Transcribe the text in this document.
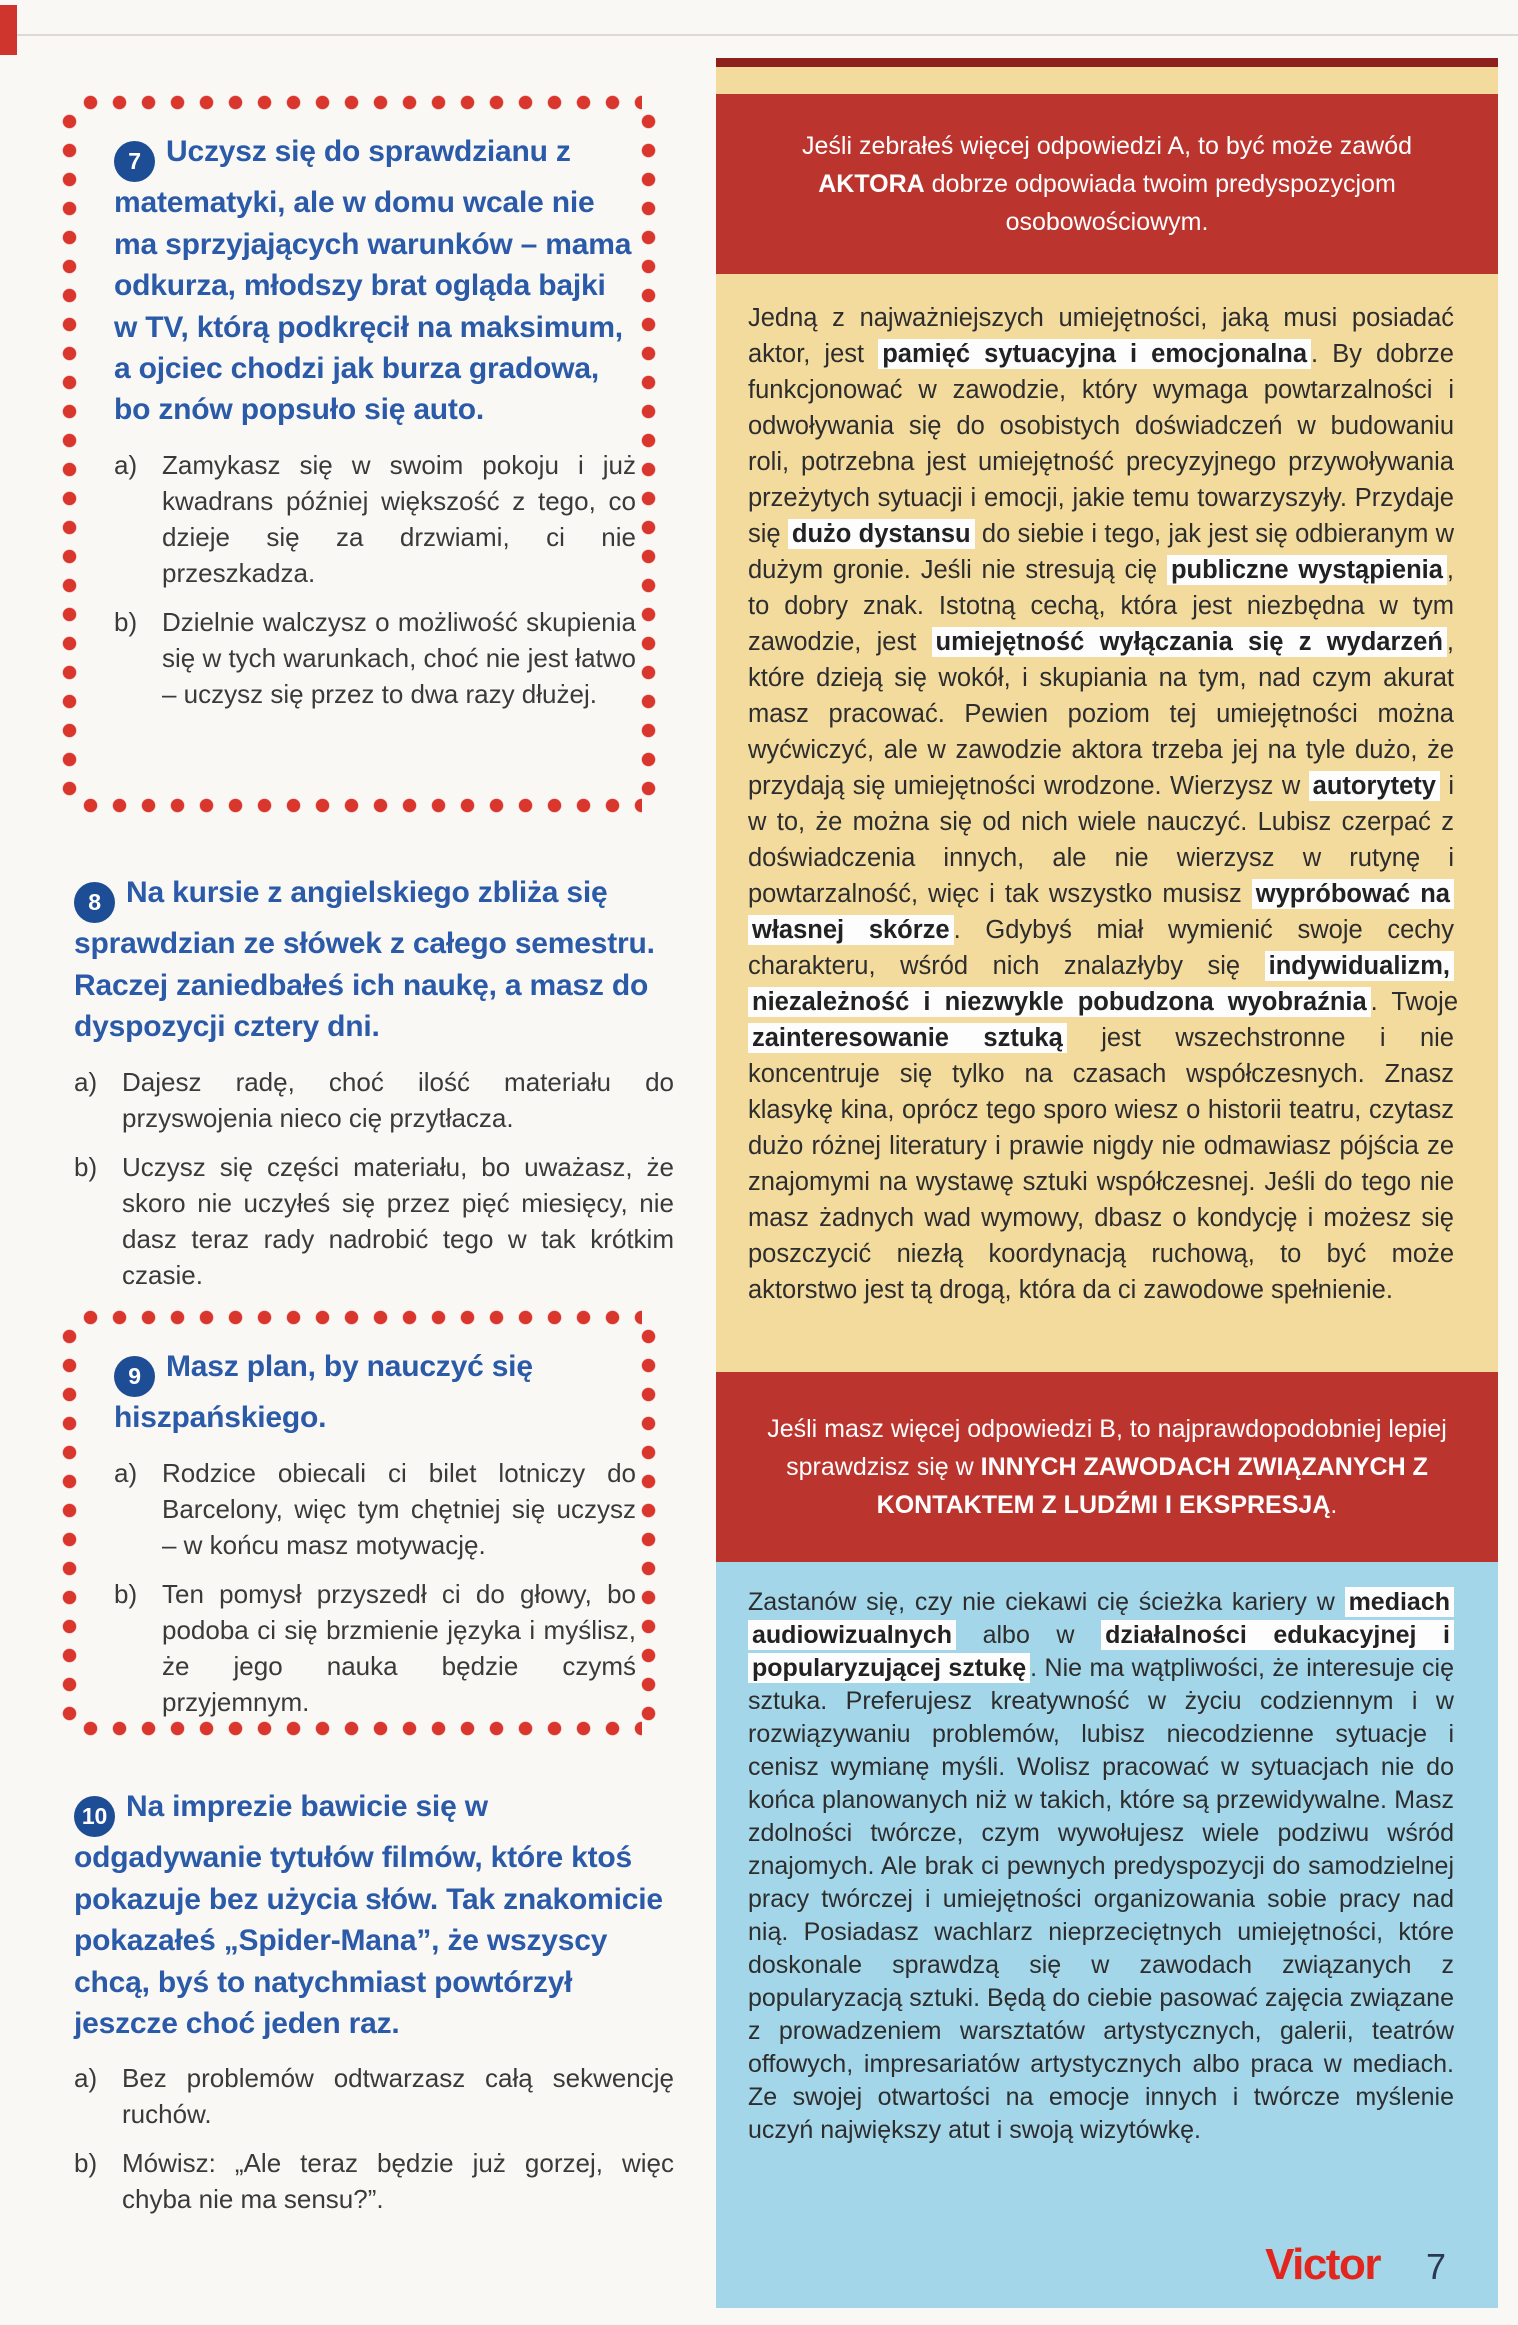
7 Uczysz się do sprawdzianu z matematyki, ale w domu wcale nie ma sprzyjających warunków – mama odkurza, młodszy brat ogląda bajki w TV, którą podkręcił na maksimum, a ojciec chodzi jak burza gradowa, bo znów popsuło się auto.
a) Zamykasz się w swoim pokoju i już kwadrans później większość z tego, co dzieje się za drzwiami, ci nie przeszkadza.
b) Dzielnie walczysz o możliwość skupienia się w tych warunkach, choć nie jest łatwo – uczysz się przez to dwa razy dłużej.
8 Na kursie z angielskiego zbliża się sprawdzian ze słówek z całego semestru. Raczej zaniedbałeś ich naukę, a masz do dyspozycji cztery dni.
a) Dajesz radę, choć ilość materiału do przyswojenia nieco cię przytłacza.
b) Uczysz się części materiału, bo uważasz, że skoro nie uczyłeś się przez pięć miesięcy, nie dasz teraz rady nadrobić tego w tak krótkim czasie.
9 Masz plan, by nauczyć się hiszpańskiego.
a) Rodzice obiecali ci bilet lotniczy do Barcelony, więc tym chętniej się uczysz – w końcu masz motywację.
b) Ten pomysł przyszedł ci do głowy, bo podoba ci się brzmienie języka i myślisz, że jego nauka będzie czymś przyjemnym.
10 Na imprezie bawicie się w odgadywanie tytułów filmów, które ktoś pokazuje bez użycia słów. Tak znakomicie pokazałeś „Spider-Mana”, że wszyscy chcą, byś to natychmiast powtórzył jeszcze choć jeden raz.
a) Bez problemów odtwarzasz całą sekwencję ruchów.
b) Mówisz: „Ale teraz będzie już gorzej, więc chyba nie ma sensu?”.

Jeśli zebrałeś więcej odpowiedzi A, to być może zawód AKTORA dobrze odpowiada twoim predyspozycjom osobowościowym.

Jedną z najważniejszych umiejętności, jaką musi posiadać aktor, jest pamięć sytuacyjna i emocjonalna . By dobrze funkcjonować w zawodzie, który wymaga powtarzalności i odwoływania się do osobistych doświadczeń w budowaniu roli, potrzebna jest umiejętność precyzyjnego przywoływania przeżytych sytuacji i emocji, jakie temu towarzyszyły. Przydaje się dużo dystansu do siebie i tego, jak jest się odbieranym w dużym gronie. Jeśli nie stresują cię publiczne wystąpienia , to dobry znak. Istotną cechą, która jest niezbędna w tym zawodzie, jest umiejętność wyłączania się z wydarzeń , które dzieją się wokół, i skupiania na tym, nad czym akurat masz pracować. Pewien poziom tej umiejętności można wyćwiczyć, ale w zawodzie aktora trzeba jej na tyle dużo, że przydają się umiejętności wrodzone. Wierzysz w autorytety i w to, że można się od nich wiele nauczyć. Lubisz czerpać z doświadczenia innych, ale nie wierzysz w rutynę i powtarzalność, więc i tak wszystko musisz wypróbować na własnej skórze . Gdybyś miał wymienić swoje cechy charakteru, wśród nich znalazłyby się indywidualizm, niezależność i niezwykle pobudzona wyobraźnia . Twoje zainteresowanie sztuką jest wszechstronne i nie koncentruje się tylko na czasach współczesnych. Znasz klasykę kina, oprócz tego sporo wiesz o historii teatru, czytasz dużo różnej literatury i prawie nigdy nie odmawiasz pójścia ze znajomymi na wystawę sztuki współczesnej. Jeśli do tego nie masz żadnych wad wymowy, dbasz o kondycję i możesz się poszczycić niezłą koordynacją ruchową, to być może aktorstwo jest tą drogą, która da ci zawodowe spełnienie.

Jeśli masz więcej odpowiedzi B, to najprawdopodobniej lepiej sprawdzisz się w INNYCH ZAWODACH ZWIĄZANYCH Z KONTAKTEM Z LUDŹMI I EKSPRESJĄ.

Zastanów się, czy nie ciekawi cię ścieżka kariery w mediach audiowizualnych albo w działalności edukacyjnej i popularyzującej sztukę . Nie ma wątpliwości, że interesuje cię sztuka. Preferujesz kreatywność w życiu codziennym i w rozwiązywaniu problemów, lubisz niecodzienne sytuacje i cenisz wymianę myśli. Wolisz pracować w sytuacjach nie do końca planowanych niż w takich, które są przewidywalne. Masz zdolności twórcze, czym wywołujesz wiele podziwu wśród znajomych. Ale brak ci pewnych predyspozycji do samodzielnej pracy twórczej i umiejętności organizowania sobie pracy nad nią. Posiadasz wachlarz nieprzeciętnych umiejętności, które doskonale sprawdzą się w zawodach związanych z popularyzacją sztuki. Będą do ciebie pasować zajęcia związane z prowadzeniem warsztatów artystycznych, galerii, teatrów offowych, impresariatów artystycznych albo praca w mediach. Ze swojej otwartości na emocje innych i twórcze myślenie uczyń największy atut i swoją wizytówkę.
Victor 7
